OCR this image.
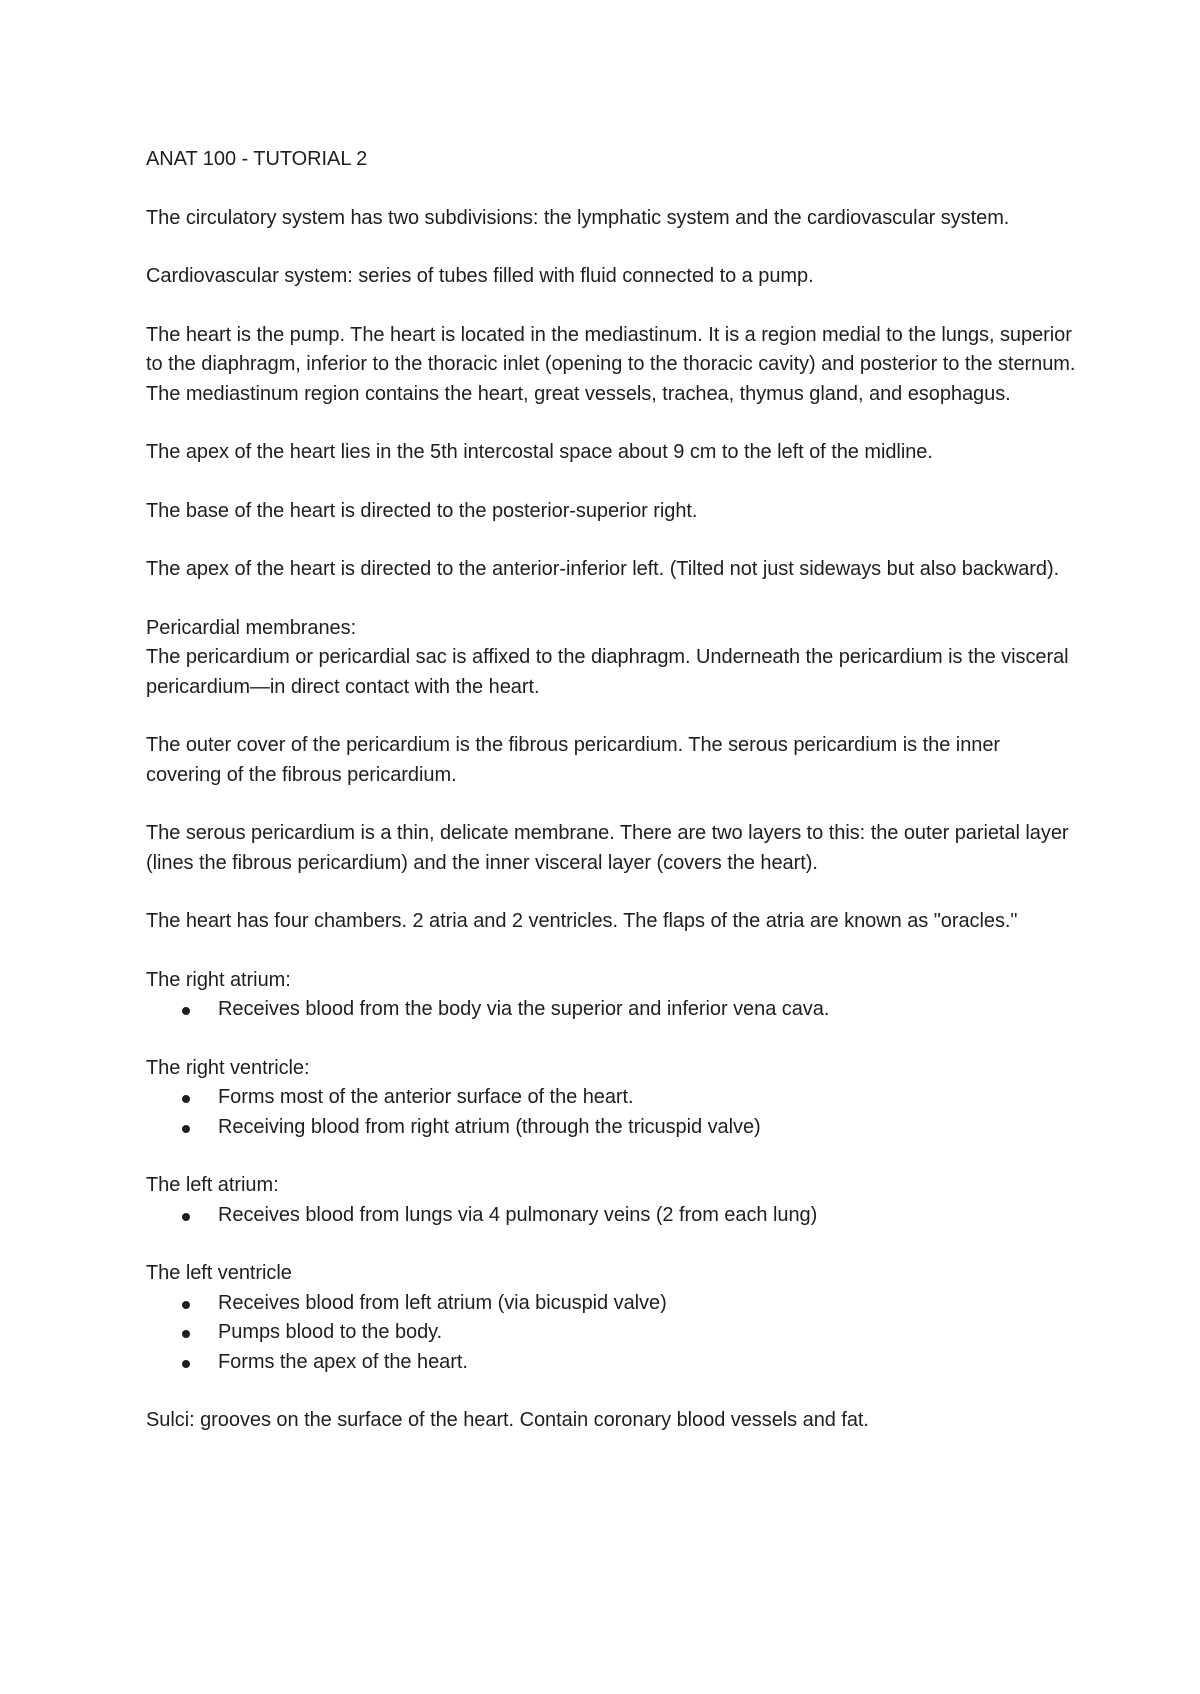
ANAT 100 - TUTORIAL 2

The circulatory system has two subdivisions: the lymphatic system and the cardiovascular system.

Cardiovascular system: series of tubes filled with fluid connected to a pump.

The heart is the pump. The heart is located in the mediastinum. It is a region medial to the lungs, superior to the diaphragm, inferior to the thoracic inlet (opening to the thoracic cavity) and posterior to the sternum. The mediastinum region contains the heart, great vessels, trachea, thymus gland, and esophagus.

The apex of the heart lies in the 5th intercostal space about 9 cm to the left of the midline.

The base of the heart is directed to the posterior-superior right.

The apex of the heart is directed to the anterior-inferior left. (Tilted not just sideways but also backward).

Pericardial membranes:
The pericardium or pericardial sac is affixed to the diaphragm. Underneath the pericardium is the visceral pericardium—in direct contact with the heart.

The outer cover of the pericardium is the fibrous pericardium. The serous pericardium is the inner covering of the fibrous pericardium.

The serous pericardium is a thin, delicate membrane. There are two layers to this: the outer parietal layer (lines the fibrous pericardium) and the inner visceral layer (covers the heart).

The heart has four chambers. 2 atria and 2 ventricles. The flaps of the atria are known as "oracles."

The right atrium:
Receives blood from the body via the superior and inferior vena cava.
The right ventricle:
Forms most of the anterior surface of the heart.
Receiving blood from right atrium (through the tricuspid valve)
The left atrium:
Receives blood from lungs via 4 pulmonary veins (2 from each lung)
The left ventricle
Receives blood from left atrium (via bicuspid valve)
Pumps blood to the body.
Forms the apex of the heart.

Sulci: grooves on the surface of the heart. Contain coronary blood vessels and fat.
